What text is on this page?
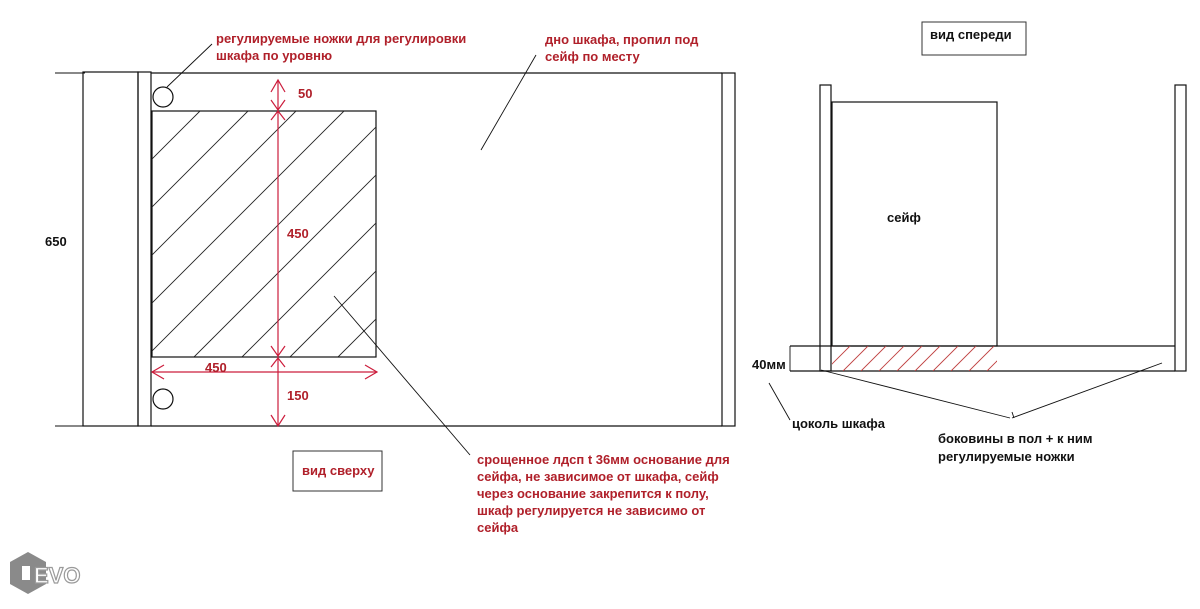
регулируемые ножки для регулировки
шкафа по уровню
дно шкафа, пропил под
сейф по месту
650
50
450
450
150
срощенное лдсп t 36мм основание для
сейфа, не зависимое от шкафа, сейф
через основание закрепится к полу,
шкаф регулируется не зависимо от
сейфа
вид сверху
вид спереди
сейф
40мм
цоколь шкафа
боковины в пол + к ним
регулируемые ножки
EVO
